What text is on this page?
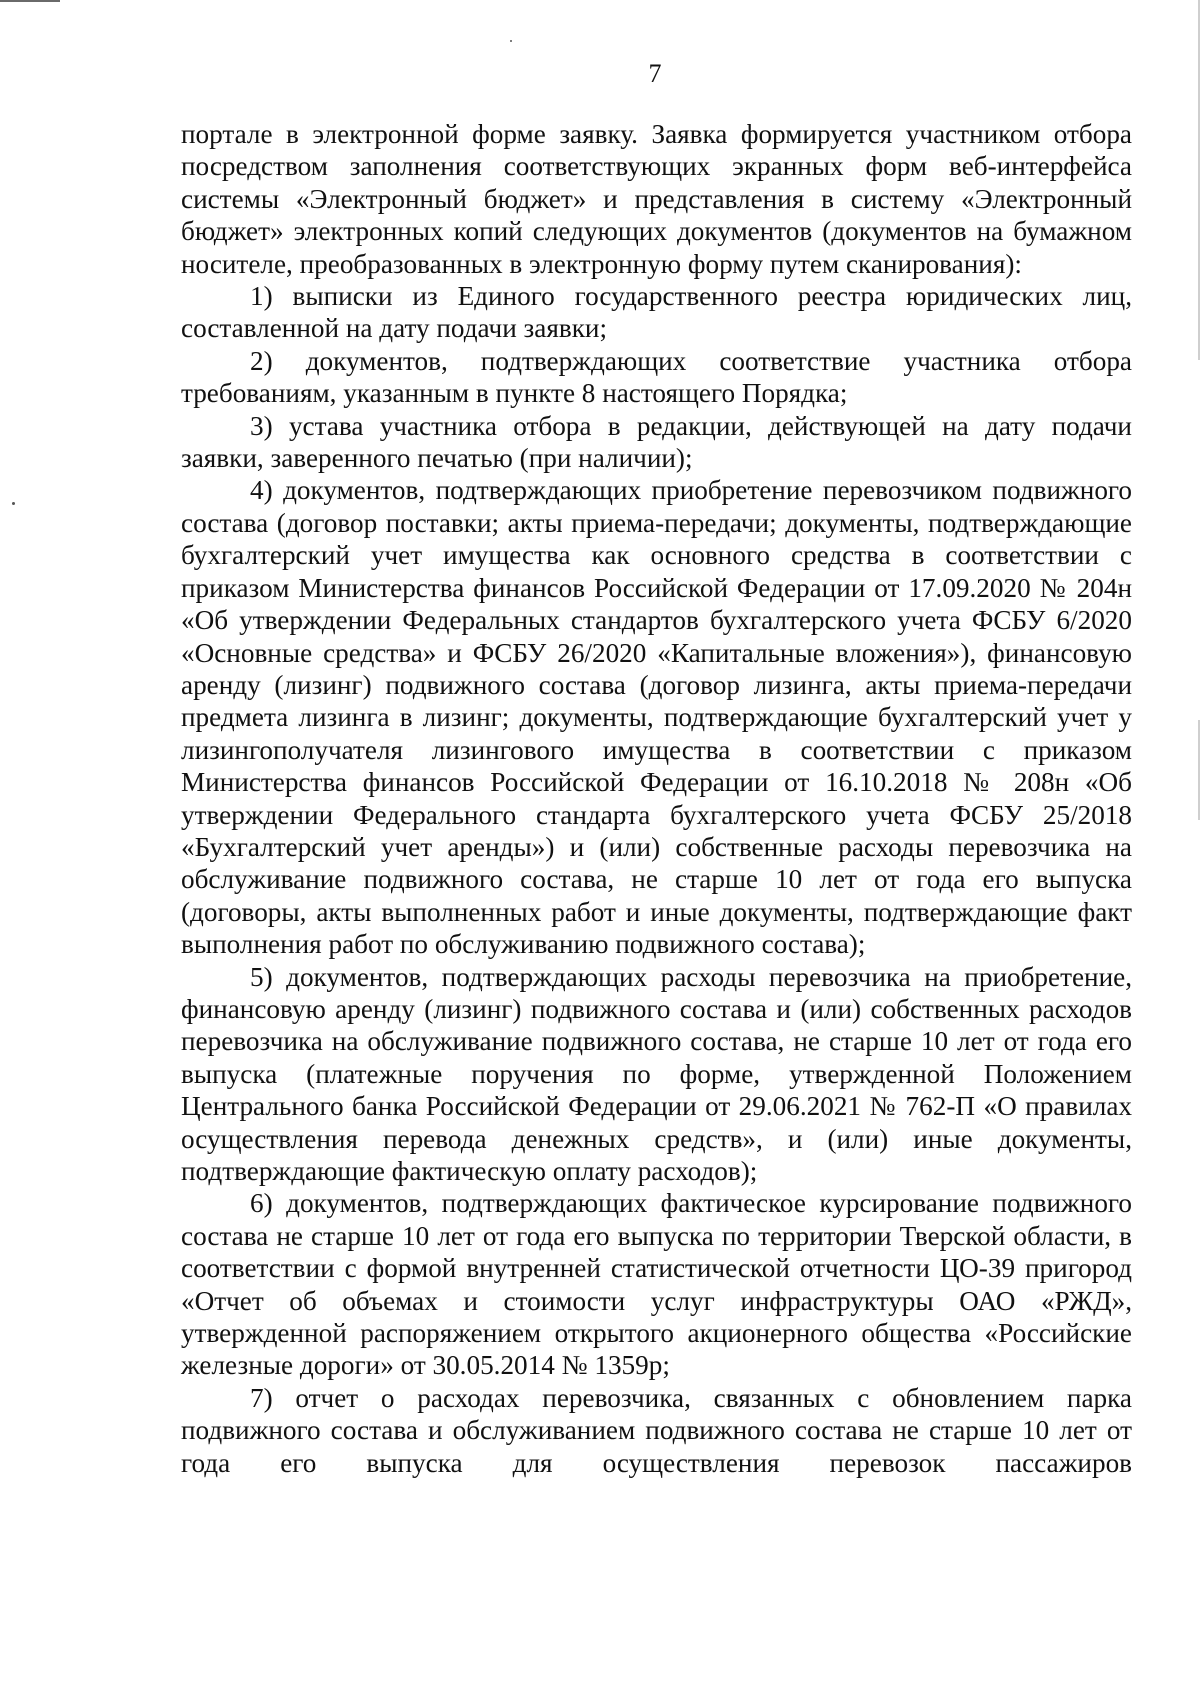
7

портале в электронной форме заявку. Заявка формируется участником отбора посредством заполнения соответствующих экранных форм веб-интерфейса системы «Электронный бюджет» и представления в систему «Электронный бюджет» электронных копий следующих документов (документов на бумажном носителе, преобразованных в электронную форму путем сканирования):

1) выписки из Единого государственного реестра юридических лиц, составленной на дату подачи заявки;

2) документов, подтверждающих соответствие участника отбора требованиям, указанным в пункте 8 настоящего Порядка;

3) устава участника отбора в редакции, действующей на дату подачи заявки, заверенного печатью (при наличии);

4) документов, подтверждающих приобретение перевозчиком подвижного состава (договор поставки; акты приема-передачи; документы, подтверждающие бухгалтерский учет имущества как основного средства в соответствии с приказом Министерства финансов Российской Федерации от 17.09.2020 № 204н «Об утверждении Федеральных стандартов бухгалтерского учета ФСБУ 6/2020 «Основные средства» и ФСБУ 26/2020 «Капитальные вложения»), финансовую аренду (лизинг) подвижного состава (договор лизинга, акты приема-передачи предмета лизинга в лизинг; документы, подтверждающие бухгалтерский учет у лизингополучателя лизингового имущества в соответствии с приказом Министерства финансов Российской Федерации от 16.10.2018 № 208н «Об утверждении Федерального стандарта бухгалтерского учета ФСБУ 25/2018 «Бухгалтерский учет аренды») и (или) собственные расходы перевозчика на обслуживание подвижного состава, не старше 10 лет от года его выпуска (договоры, акты выполненных работ и иные документы, подтверждающие факт выполнения работ по обслуживанию подвижного состава);

5) документов, подтверждающих расходы перевозчика на приобретение, финансовую аренду (лизинг) подвижного состава и (или) собственных расходов перевозчика на обслуживание подвижного состава, не старше 10 лет от года его выпуска (платежные поручения по форме, утвержденной Положением Центрального банка Российской Федерации от 29.06.2021 № 762-П «О правилах осуществления перевода денежных средств», и (или) иные документы, подтверждающие фактическую оплату расходов);

6) документов, подтверждающих фактическое курсирование подвижного состава не старше 10 лет от года его выпуска по территории Тверской области, в соответствии с формой внутренней статистической отчетности ЦО-39 пригород «Отчет об объемах и стоимости услуг инфраструктуры ОАО «РЖД», утвержденной распоряжением открытого акционерного общества «Российские железные дороги» от 30.05.2014 № 1359р;

7) отчет о расходах перевозчика, связанных с обновлением парка подвижного состава и обслуживанием подвижного состава не старше 10 лет от года его выпуска для осуществления перевозок пассажиров
